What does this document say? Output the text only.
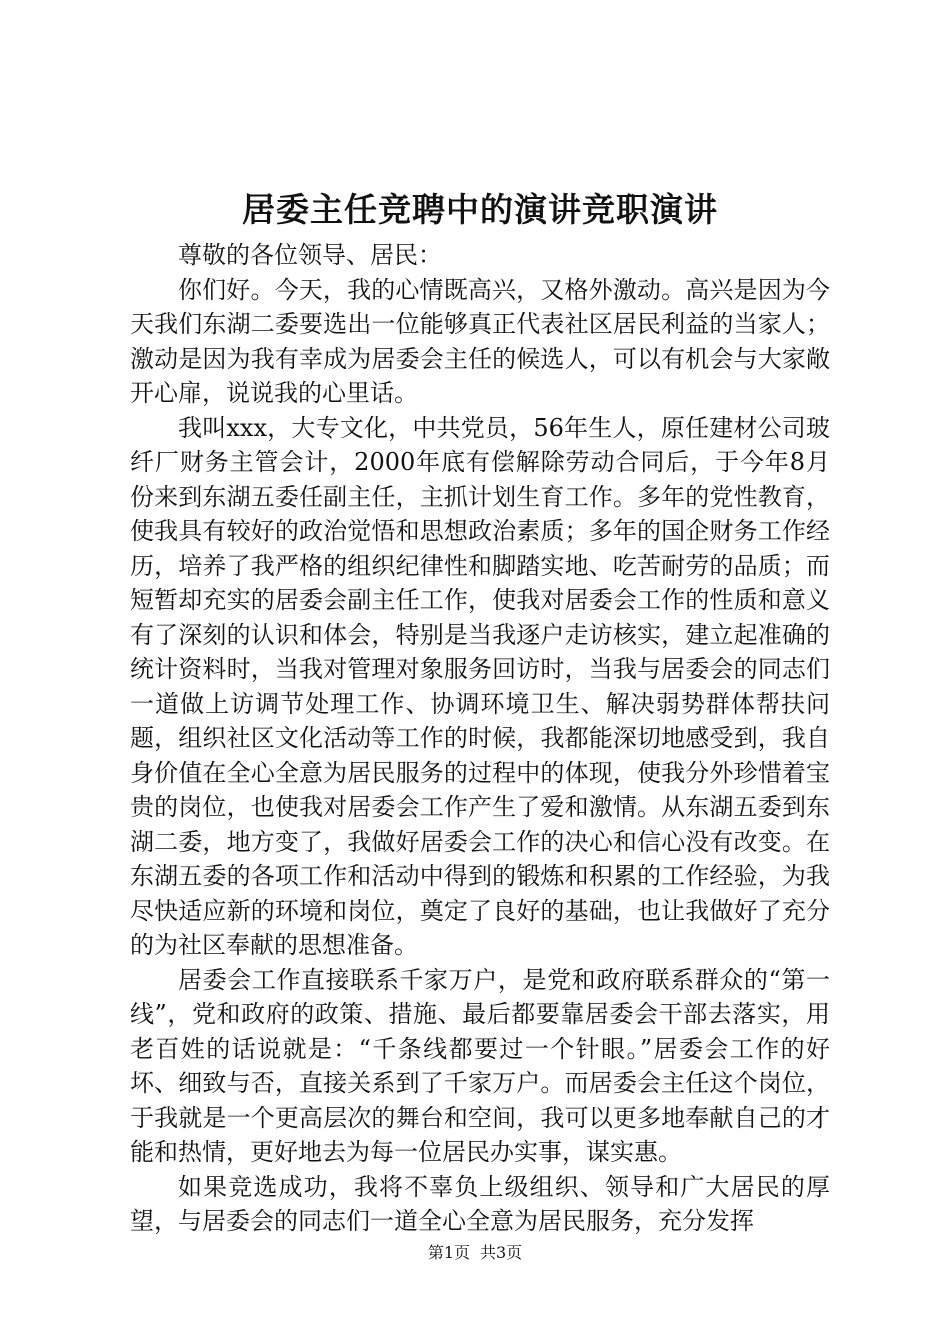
居委主任竞聘中的演讲竞职演讲

尊敬的各位领导、居民：

你们好。今天，我的心情既高兴，又格外激动。高兴是因为今天我们东湖二委要选出一位能够真正代表社区居民利益的当家人；激动是因为我有幸成为居委会主任的候选人，可以有机会与大家敞开心扉，说说我的心里话。

我叫xxx，大专文化，中共党员，56年生人，原任建材公司玻纤厂财务主管会计，2000年底有偿解除劳动合同后，于今年8月份来到东湖五委任副主任，主抓计划生育工作。多年的党性教育，使我具有较好的政治觉悟和思想政治素质；多年的国企财务工作经历，培养了我严格的组织纪律性和脚踏实地、吃苦耐劳的品质；而短暂却充实的居委会副主任工作，使我对居委会工作的性质和意义有了深刻的认识和体会，特别是当我逐户走访核实，建立起准确的统计资料时，当我对管理对象服务回访时，当我与居委会的同志们一道做上访调节处理工作、协调环境卫生、解决弱势群体帮扶问题，组织社区文化活动等工作的时候，我都能深切地感受到，我自身价值在全心全意为居民服务的过程中的体现，使我分外珍惜着宝贵的岗位，也使我对居委会工作产生了爱和激情。从东湖五委到东湖二委，地方变了，我做好居委会工作的决心和信心没有改变。在东湖五委的各项工作和活动中得到的锻炼和积累的工作经验，为我尽快适应新的环境和岗位，奠定了良好的基础，也让我做好了充分的为社区奉献的思想准备。

居委会工作直接联系千家万户，是党和政府联系群众的“第一线”，党和政府的政策、措施、最后都要靠居委会干部去落实，用老百姓的话说就是：“千条线都要过一个针眼。”居委会工作的好坏、细致与否，直接关系到了千家万户。而居委会主任这个岗位，于我就是一个更高层次的舞台和空间，我可以更多地奉献自己的才能和热情，更好地去为每一位居民办实事，谋实惠。

如果竞选成功，我将不辜负上级组织、领导和广大居民的厚望，与居委会的同志们一道全心全意为居民服务，充分发挥

第1页 共3页
